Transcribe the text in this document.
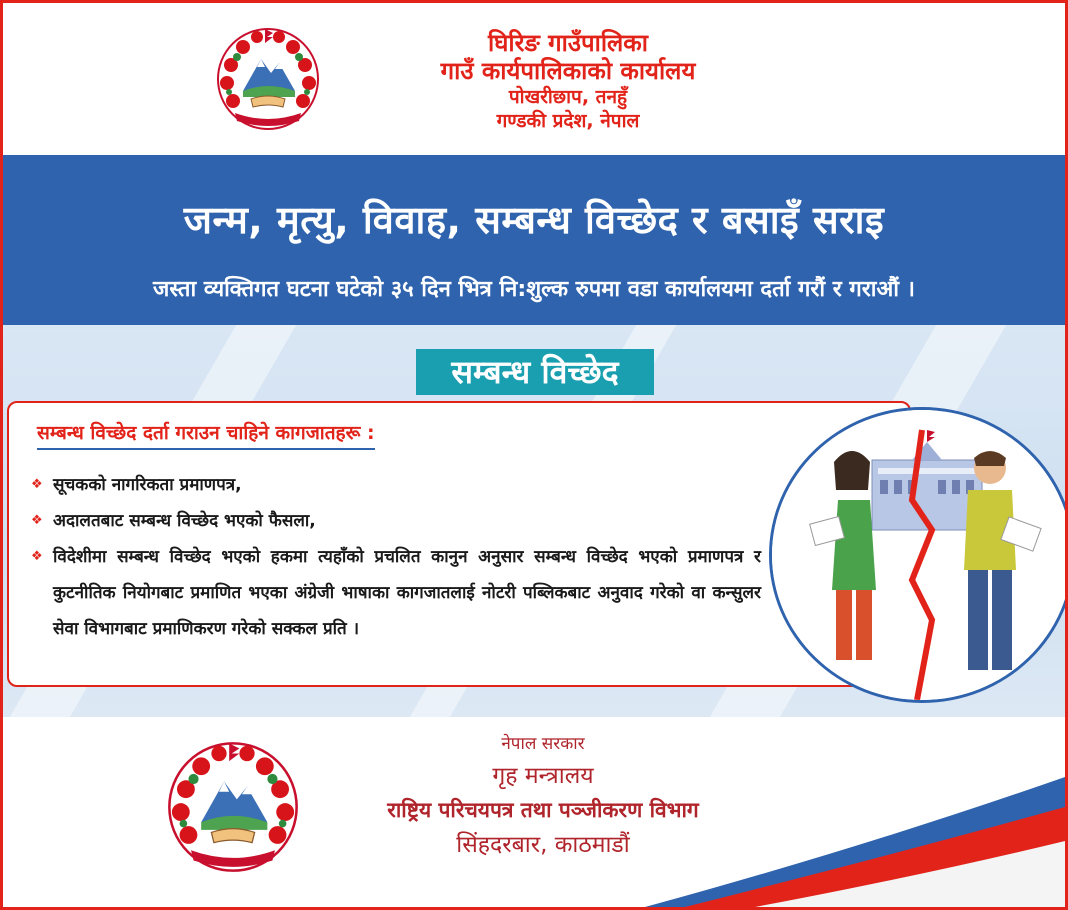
घिरिङ गाउँपालिका
गाउँ कार्यपालिकाको कार्यालय
पोखरीछाप, तनहुँ
गण्डकी प्रदेश, नेपाल
जन्म, मृत्यु, विवाह, सम्बन्ध विच्छेद र बसाइँ सराइ
जस्ता व्यक्तिगत घटना घटेको ३५ दिन भित्र नि:शुल्क रुपमा वडा कार्यालयमा दर्ता गरौं र गराऔं ।
सम्बन्ध विच्छेद
सम्बन्ध विच्छेद दर्ता गराउन चाहिने कागजातहरू :
❖ सूचकको नागरिकता प्रमाणपत्र,
❖ अदालतबाट सम्बन्ध विच्छेद भएको फैसला,
❖ विदेशीमा सम्बन्ध विच्छेद भएको हकमा त्यहाँको प्रचलित कानुन अनुसार सम्बन्ध विच्छेद भएको प्रमाणपत्र र कुटनीतिक नियोगबाट प्रमाणित भएका अंग्रेजी भाषाका कागजातलाई नोटरी पब्लिकबाट अनुवाद गरेको वा कन्सुलर सेवा विभागबाट प्रमाणिकरण गरेको सक्कल प्रति ।
नेपाल सरकार
गृह मन्त्रालय
राष्ट्रिय परिचयपत्र तथा पञ्जीकरण विभाग
सिंहदरबार, काठमाडौं
